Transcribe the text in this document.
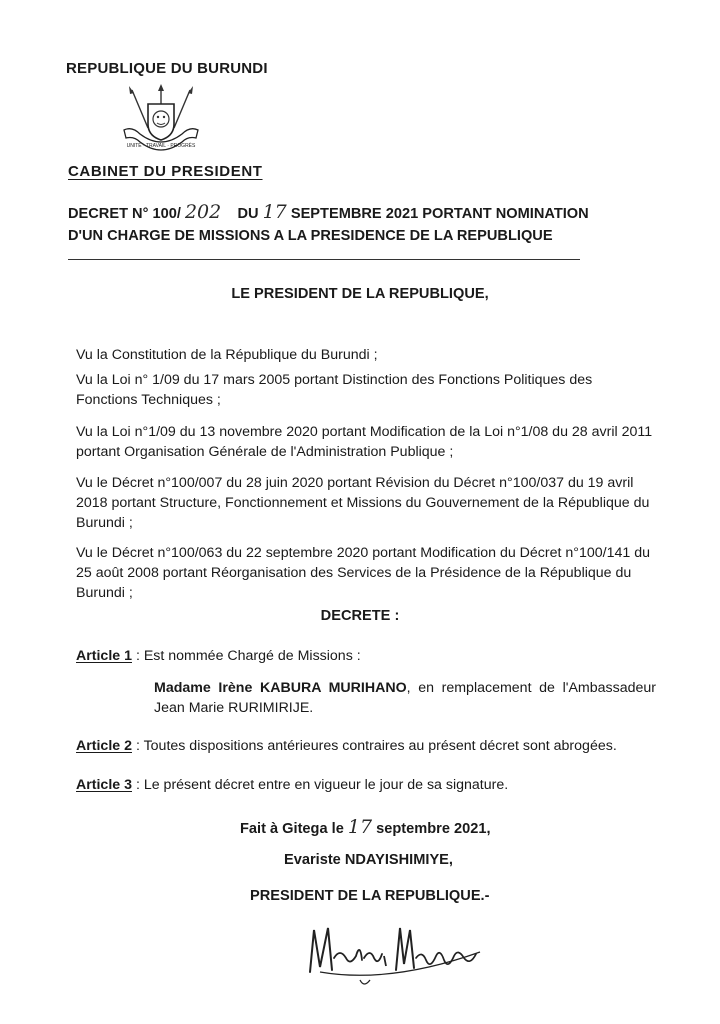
REPUBLIQUE DU BURUNDI
UNITÉ · TRAVAIL · PROGRÈS
CABINET DU PRESIDENT
DECRET N° 100/ 202 DU 17 SEPTEMBRE 2021 PORTANT NOMINATION
D'UN CHARGE DE MISSIONS A LA PRESIDENCE DE LA REPUBLIQUE
LE PRESIDENT DE LA REPUBLIQUE,
Vu la Constitution de la République du Burundi ;
Vu la Loi n° 1/09 du 17 mars 2005 portant Distinction des Fonctions Politiques des Fonctions Techniques ;
Vu la Loi n°1/09 du 13 novembre 2020 portant Modification de la Loi n°1/08 du 28 avril 2011 portant Organisation Générale de l'Administration Publique ;
Vu le Décret n°100/007 du 28 juin 2020 portant Révision du Décret n°100/037 du 19 avril 2018 portant Structure, Fonctionnement et Missions du Gouvernement de la République du Burundi ;
Vu le Décret n°100/063 du 22 septembre 2020 portant Modification du Décret n°100/141 du 25 août 2008 portant Réorganisation des Services de la Présidence de la République du Burundi ;
DECRETE :
Article 1 : Est nommée Chargé de Missions :
Madame Irène KABURA MURIHANO, en remplacement de l'Ambassadeur Jean Marie RURIMIRIJE.
Article 2 : Toutes dispositions antérieures contraires au présent décret sont abrogées.
Article 3 : Le présent décret entre en vigueur le jour de sa signature.
Fait à Gitega le 17 septembre 2021,
Evariste NDAYISHIMIYE,
PRESIDENT DE LA REPUBLIQUE.-
